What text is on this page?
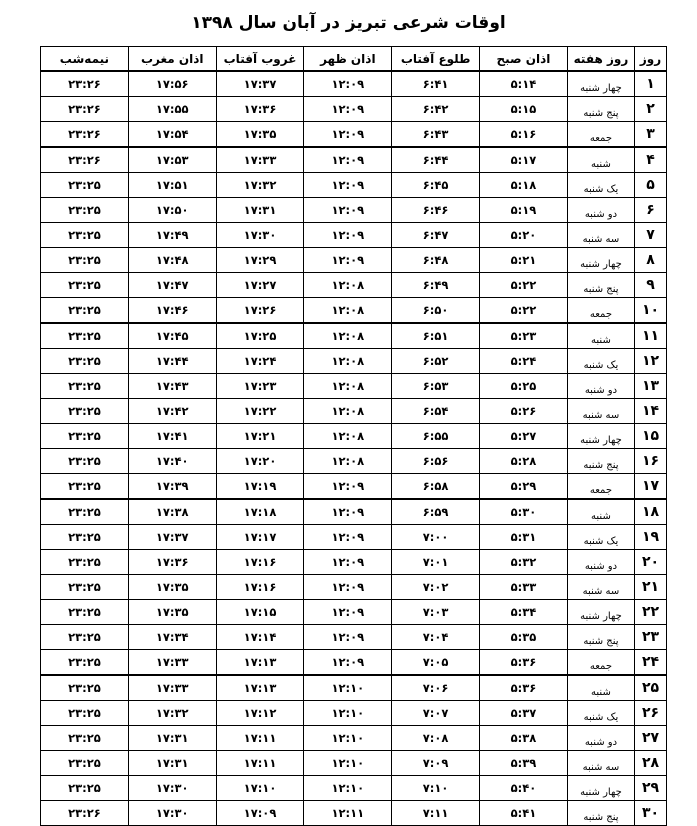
اوقات شرعی تبریز در آبان سال ۱۳۹۸
روز	روز هفته	اذان صبح	طلوع آفتاب	اذان ظهر	غروب آفتاب	اذان مغرب	نیمه‌شب
۱	چهار شنبه	۵:۱۴	۶:۴۱	۱۲:۰۹	۱۷:۳۷	۱۷:۵۶	۲۳:۲۶
۲	پنج شنبه	۵:۱۵	۶:۴۲	۱۲:۰۹	۱۷:۳۶	۱۷:۵۵	۲۳:۲۶
۳	جمعه	۵:۱۶	۶:۴۳	۱۲:۰۹	۱۷:۳۵	۱۷:۵۴	۲۳:۲۶
۴	شنبه	۵:۱۷	۶:۴۴	۱۲:۰۹	۱۷:۳۳	۱۷:۵۳	۲۳:۲۶
۵	یک شنبه	۵:۱۸	۶:۴۵	۱۲:۰۹	۱۷:۳۲	۱۷:۵۱	۲۳:۲۵
۶	دو شنبه	۵:۱۹	۶:۴۶	۱۲:۰۹	۱۷:۳۱	۱۷:۵۰	۲۳:۲۵
۷	سه شنبه	۵:۲۰	۶:۴۷	۱۲:۰۹	۱۷:۳۰	۱۷:۴۹	۲۳:۲۵
۸	چهار شنبه	۵:۲۱	۶:۴۸	۱۲:۰۹	۱۷:۲۹	۱۷:۴۸	۲۳:۲۵
۹	پنج شنبه	۵:۲۲	۶:۴۹	۱۲:۰۸	۱۷:۲۷	۱۷:۴۷	۲۳:۲۵
۱۰	جمعه	۵:۲۲	۶:۵۰	۱۲:۰۸	۱۷:۲۶	۱۷:۴۶	۲۳:۲۵
۱۱	شنبه	۵:۲۳	۶:۵۱	۱۲:۰۸	۱۷:۲۵	۱۷:۴۵	۲۳:۲۵
۱۲	یک شنبه	۵:۲۴	۶:۵۲	۱۲:۰۸	۱۷:۲۴	۱۷:۴۴	۲۳:۲۵
۱۳	دو شنبه	۵:۲۵	۶:۵۳	۱۲:۰۸	۱۷:۲۳	۱۷:۴۳	۲۳:۲۵
۱۴	سه شنبه	۵:۲۶	۶:۵۴	۱۲:۰۸	۱۷:۲۲	۱۷:۴۲	۲۳:۲۵
۱۵	چهار شنبه	۵:۲۷	۶:۵۵	۱۲:۰۸	۱۷:۲۱	۱۷:۴۱	۲۳:۲۵
۱۶	پنج شنبه	۵:۲۸	۶:۵۶	۱۲:۰۸	۱۷:۲۰	۱۷:۴۰	۲۳:۲۵
۱۷	جمعه	۵:۲۹	۶:۵۸	۱۲:۰۹	۱۷:۱۹	۱۷:۳۹	۲۳:۲۵
۱۸	شنبه	۵:۳۰	۶:۵۹	۱۲:۰۹	۱۷:۱۸	۱۷:۳۸	۲۳:۲۵
۱۹	یک شنبه	۵:۳۱	۷:۰۰	۱۲:۰۹	۱۷:۱۷	۱۷:۳۷	۲۳:۲۵
۲۰	دو شنبه	۵:۳۲	۷:۰۱	۱۲:۰۹	۱۷:۱۶	۱۷:۳۶	۲۳:۲۵
۲۱	سه شنبه	۵:۳۳	۷:۰۲	۱۲:۰۹	۱۷:۱۶	۱۷:۳۵	۲۳:۲۵
۲۲	چهار شنبه	۵:۳۴	۷:۰۳	۱۲:۰۹	۱۷:۱۵	۱۷:۳۵	۲۳:۲۵
۲۳	پنج شنبه	۵:۳۵	۷:۰۴	۱۲:۰۹	۱۷:۱۴	۱۷:۳۴	۲۳:۲۵
۲۴	جمعه	۵:۳۶	۷:۰۵	۱۲:۰۹	۱۷:۱۳	۱۷:۳۳	۲۳:۲۵
۲۵	شنبه	۵:۳۶	۷:۰۶	۱۲:۱۰	۱۷:۱۳	۱۷:۳۳	۲۳:۲۵
۲۶	یک شنبه	۵:۳۷	۷:۰۷	۱۲:۱۰	۱۷:۱۲	۱۷:۳۲	۲۳:۲۵
۲۷	دو شنبه	۵:۳۸	۷:۰۸	۱۲:۱۰	۱۷:۱۱	۱۷:۳۱	۲۳:۲۵
۲۸	سه شنبه	۵:۳۹	۷:۰۹	۱۲:۱۰	۱۷:۱۱	۱۷:۳۱	۲۳:۲۵
۲۹	چهار شنبه	۵:۴۰	۷:۱۰	۱۲:۱۰	۱۷:۱۰	۱۷:۳۰	۲۳:۲۵
۳۰	پنج شنبه	۵:۴۱	۷:۱۱	۱۲:۱۱	۱۷:۰۹	۱۷:۳۰	۲۳:۲۶
